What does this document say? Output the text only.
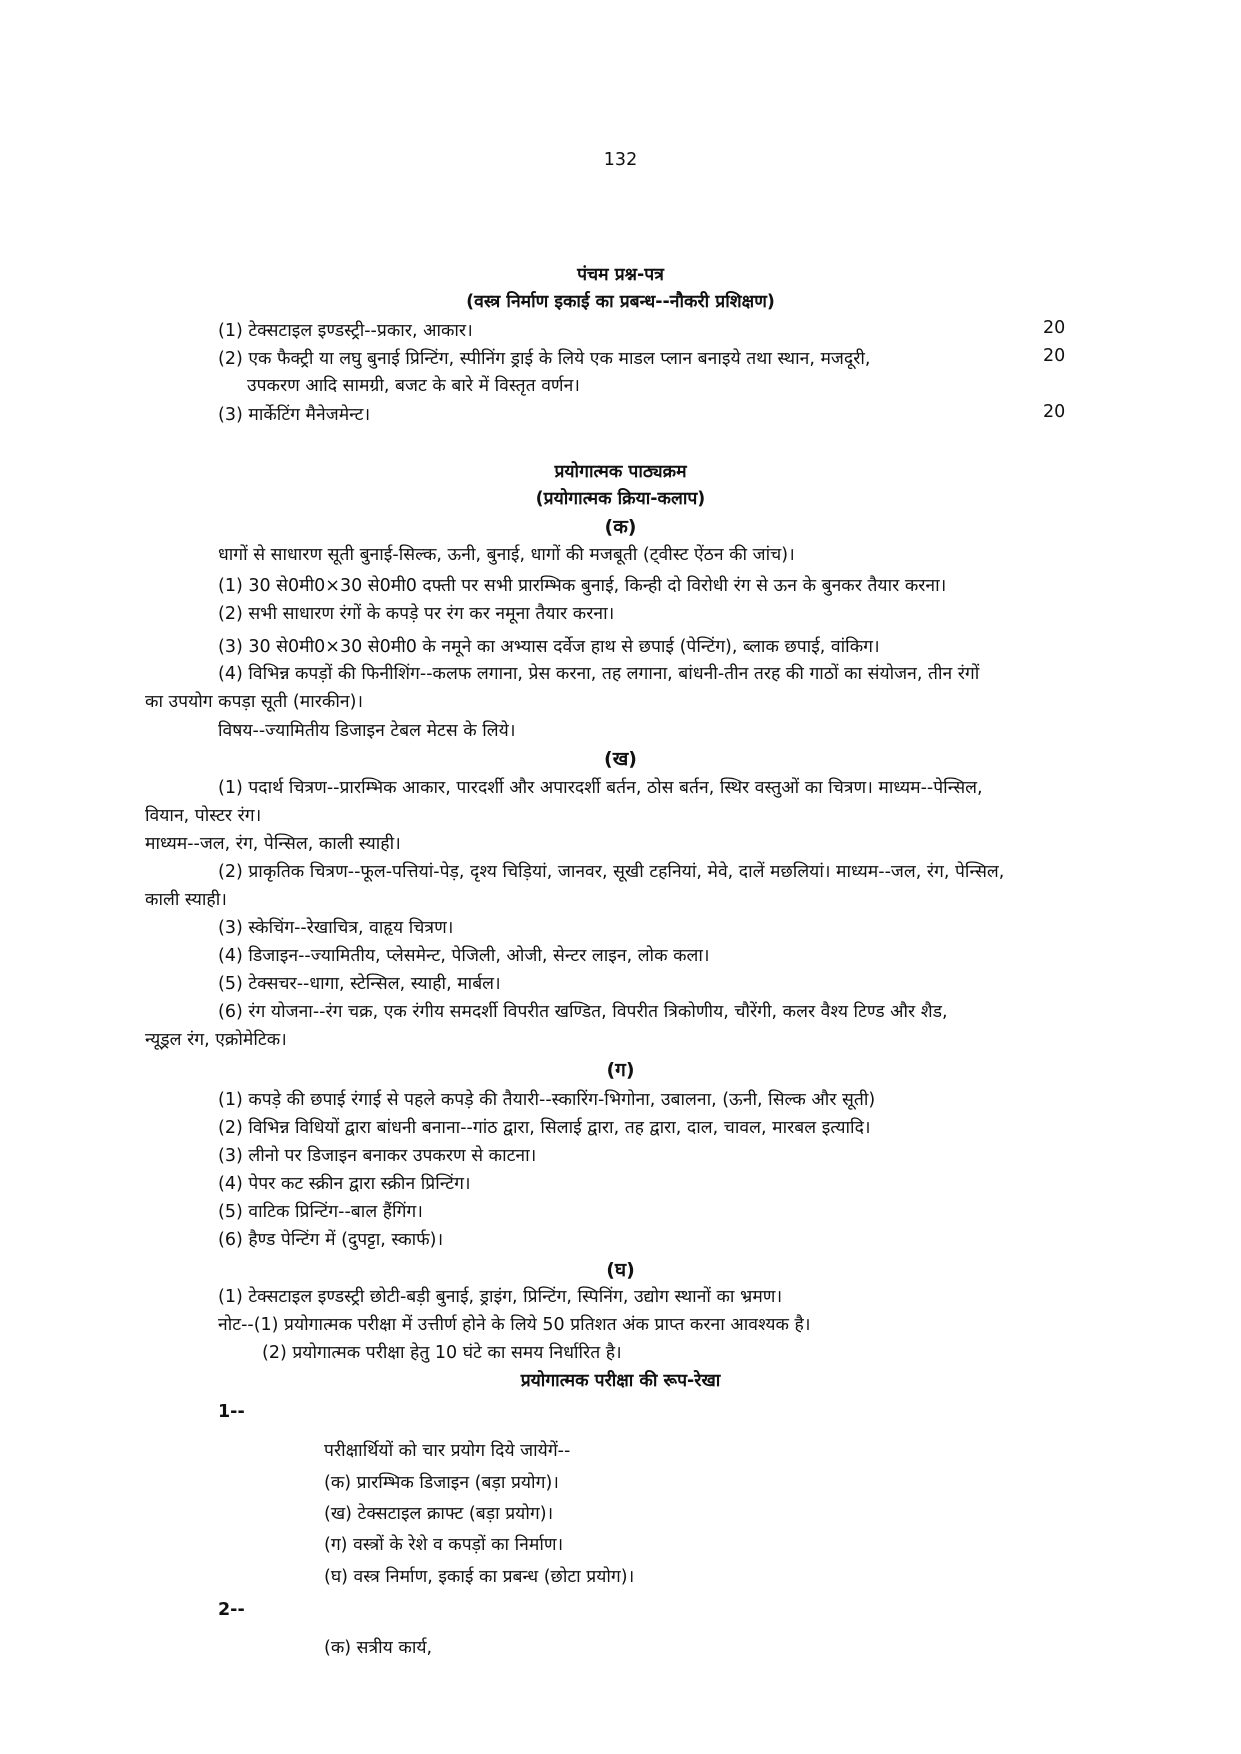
132
पंचम प्रश्न-पत्र
(वस्त्र निर्माण इकाई का प्रबन्ध--नौकरी प्रशिक्षण)
(1) टेक्सटाइल इण्डस्ट्री--प्रकार, आकार।	20
(2) एक फैक्ट्री या लघु बुनाई प्रिन्टिंग, स्पीनिंग ड्राई के लिये एक माडल प्लान बनाइये तथा स्थान, मजदूरी,	20
उपकरण आदि सामग्री, बजट के बारे में विस्तृत वर्णन।
(3) मार्केटिंग मैनेजमेन्ट।	20
प्रयोगात्मक पाठ्यक्रम
(प्रयोगात्मक क्रिया-कलाप)
(क)
धागों से साधारण सूती बुनाई-सिल्क, ऊनी, बुनाई, धागों की मजबूती (ट्वीस्ट ऐंठन की जांच)।
(1) 30 से0मी0×30 से0मी0 दफ्ती पर सभी प्रारम्भिक बुनाई, किन्ही दो विरोधी रंग से ऊन के बुनकर तैयार करना।
(2) सभी साधारण रंगों के कपड़े पर रंग कर नमूना तैयार करना।
(3) 30 से0मी0×30 से0मी0 के नमूने का अभ्यास दर्वेज हाथ से छपाई (पेन्टिंग), ब्लाक छपाई, वांकिग।
(4) विभिन्न कपड़ों की फिनीशिंग--कलफ लगाना, प्रेस करना, तह लगाना, बांधनी-तीन तरह की गाठों का संयोजन, तीन रंगों
का उपयोग कपड़ा सूती (मारकीन)।
विषय--ज्यामितीय डिजाइन टेबल मेटस के लिये।
(ख)
(1) पदार्थ चित्रण--प्रारम्भिक आकार, पारदर्शी और अपारदर्शी बर्तन, ठोस बर्तन, स्थिर वस्तुओं का चित्रण। माध्यम--पेन्सिल,
वियान, पोस्टर रंग।
माध्यम--जल, रंग, पेन्सिल, काली स्याही।
(2) प्राकृतिक चित्रण--फूल-पत्तियां-पेड़, दृश्य चिड़ियां, जानवर, सूखी टहनियां, मेवे, दालें मछलियां। माध्यम--जल, रंग, पेन्सिल,
काली स्याही।
(3) स्केचिंग--रेखाचित्र, वाहृय चित्रण।
(4) डिजाइन--ज्यामितीय, प्लेसमेन्ट, पेजिली, ओजी, सेन्टर लाइन, लोक कला।
(5) टेक्सचर--धागा, स्टेन्सिल, स्याही, मार्बल।
(6) रंग योजना--रंग चक्र, एक रंगीय समदर्शी विपरीत खण्डित, विपरीत त्रिकोणीय, चौरेंगी, कलर वैश्य टिण्ड और शैड,
न्यूड्रल रंग, एक्रोमेटिक।
(ग)
(1) कपड़े की छपाई रंगाई से पहले कपड़े की तैयारी--स्कारिंग-भिगोना, उबालना, (ऊनी, सिल्क और सूती)
(2) विभिन्न विधियों द्वारा बांधनी बनाना--गांठ द्वारा, सिलाई द्वारा, तह द्वारा, दाल, चावल, मारबल इत्यादि।
(3) लीनो पर डिजाइन बनाकर उपकरण से काटना।
(4) पेपर कट स्क्रीन द्वारा स्क्रीन प्रिन्टिंग।
(5) वाटिक प्रिन्टिंग--बाल हैंगिंग।
(6) हैण्ड पेन्टिंग में (दुपट्टा, स्कार्फ)।
(घ)
(1) टेक्सटाइल इण्डस्ट्री छोटी-बड़ी बुनाई, ड्राइंग, प्रिन्टिंग, स्पिनिंग, उद्योग स्थानों का भ्रमण।
नोट--(1) प्रयोगात्मक परीक्षा में उत्तीर्ण होने के लिये 50 प्रतिशत अंक प्राप्त करना आवश्यक है।
(2) प्रयोगात्मक परीक्षा हेतु 10 घंटे का समय निर्धारित है।
प्रयोगात्मक परीक्षा की रूप-रेखा
1--
परीक्षार्थियों को चार प्रयोग दिये जायेगें--
(क) प्रारम्भिक डिजाइन (बड़ा प्रयोग)।
(ख) टेक्सटाइल क्राफ्ट (बड़ा प्रयोग)।
(ग) वस्त्रों के रेशे व कपड़ों का निर्माण।
(घ) वस्त्र निर्माण, इकाई का प्रबन्ध (छोटा प्रयोग)।
2--
(क) सत्रीय कार्य,
